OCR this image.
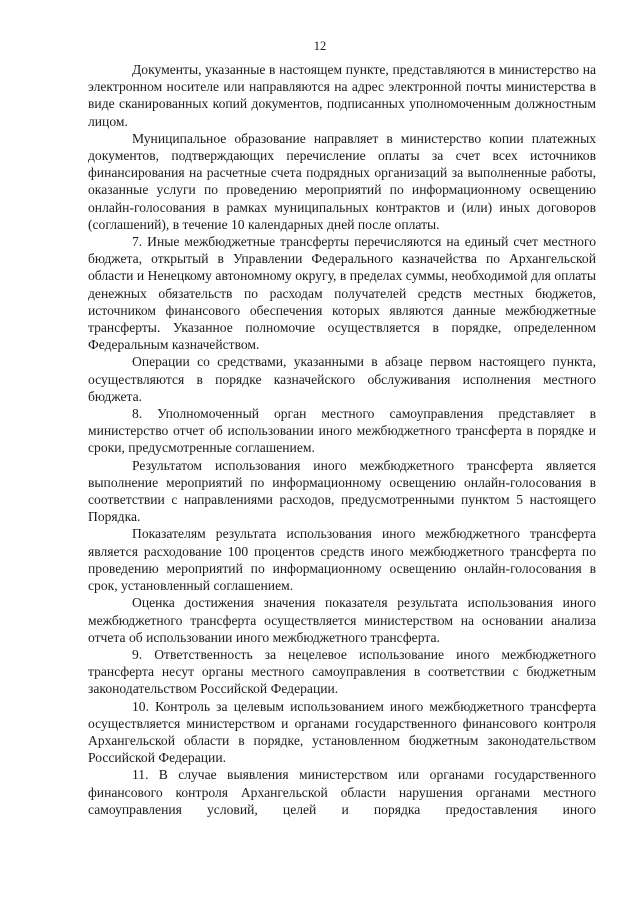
12

Документы, указанные в настоящем пункте, представляются в министерство на электронном носителе или направляются на адрес электронной почты министерства в виде сканированных копий документов, подписанных уполномоченным должностным лицом.

Муниципальное образование направляет в министерство копии платежных документов, подтверждающих перечисление оплаты за счет всех источников финансирования на расчетные счета подрядных организаций за выполненные работы, оказанные услуги по проведению мероприятий по информационному освещению онлайн-голосования в рамках муниципальных контрактов и (или) иных договоров (соглашений), в течение 10 календарных дней после оплаты.

7. Иные межбюджетные трансферты перечисляются на единый счет местного бюджета, открытый в Управлении Федерального казначейства по Архангельской области и Ненецкому автономному округу, в пределах суммы, необходимой для оплаты денежных обязательств по расходам получателей средств местных бюджетов, источником финансового обеспечения которых являются данные межбюджетные трансферты. Указанное полномочие осуществляется в порядке, определенном Федеральным казначейством.

Операции со средствами, указанными в абзаце первом настоящего пункта, осуществляются в порядке казначейского обслуживания исполнения местного бюджета.

8. Уполномоченный орган местного самоуправления представляет в министерство отчет об использовании иного межбюджетного трансферта в порядке и сроки, предусмотренные соглашением.

Результатом использования иного межбюджетного трансферта является выполнение мероприятий по информационному освещению онлайн-голосования в соответствии с направлениями расходов, предусмотренными пунктом 5 настоящего Порядка.

Показателям результата использования иного межбюджетного трансферта является расходование 100 процентов средств иного межбюджетного трансферта по проведению мероприятий по информационному освещению онлайн-голосования в срок, установленный соглашением.

Оценка достижения значения показателя результата использования иного межбюджетного трансферта осуществляется министерством на основании анализа отчета об использовании иного межбюджетного трансферта.

9. Ответственность за нецелевое использование иного межбюджетного трансферта несут органы местного самоуправления в соответствии с бюджетным законодательством Российской Федерации.

10. Контроль за целевым использованием иного межбюджетного трансферта осуществляется министерством и органами государственного финансового контроля Архангельской области в порядке, установленном бюджетным законодательством Российской Федерации.

11. В случае выявления министерством или органами государственного финансового контроля Архангельской области нарушения органами местного самоуправления условий, целей и порядка предоставления иного
